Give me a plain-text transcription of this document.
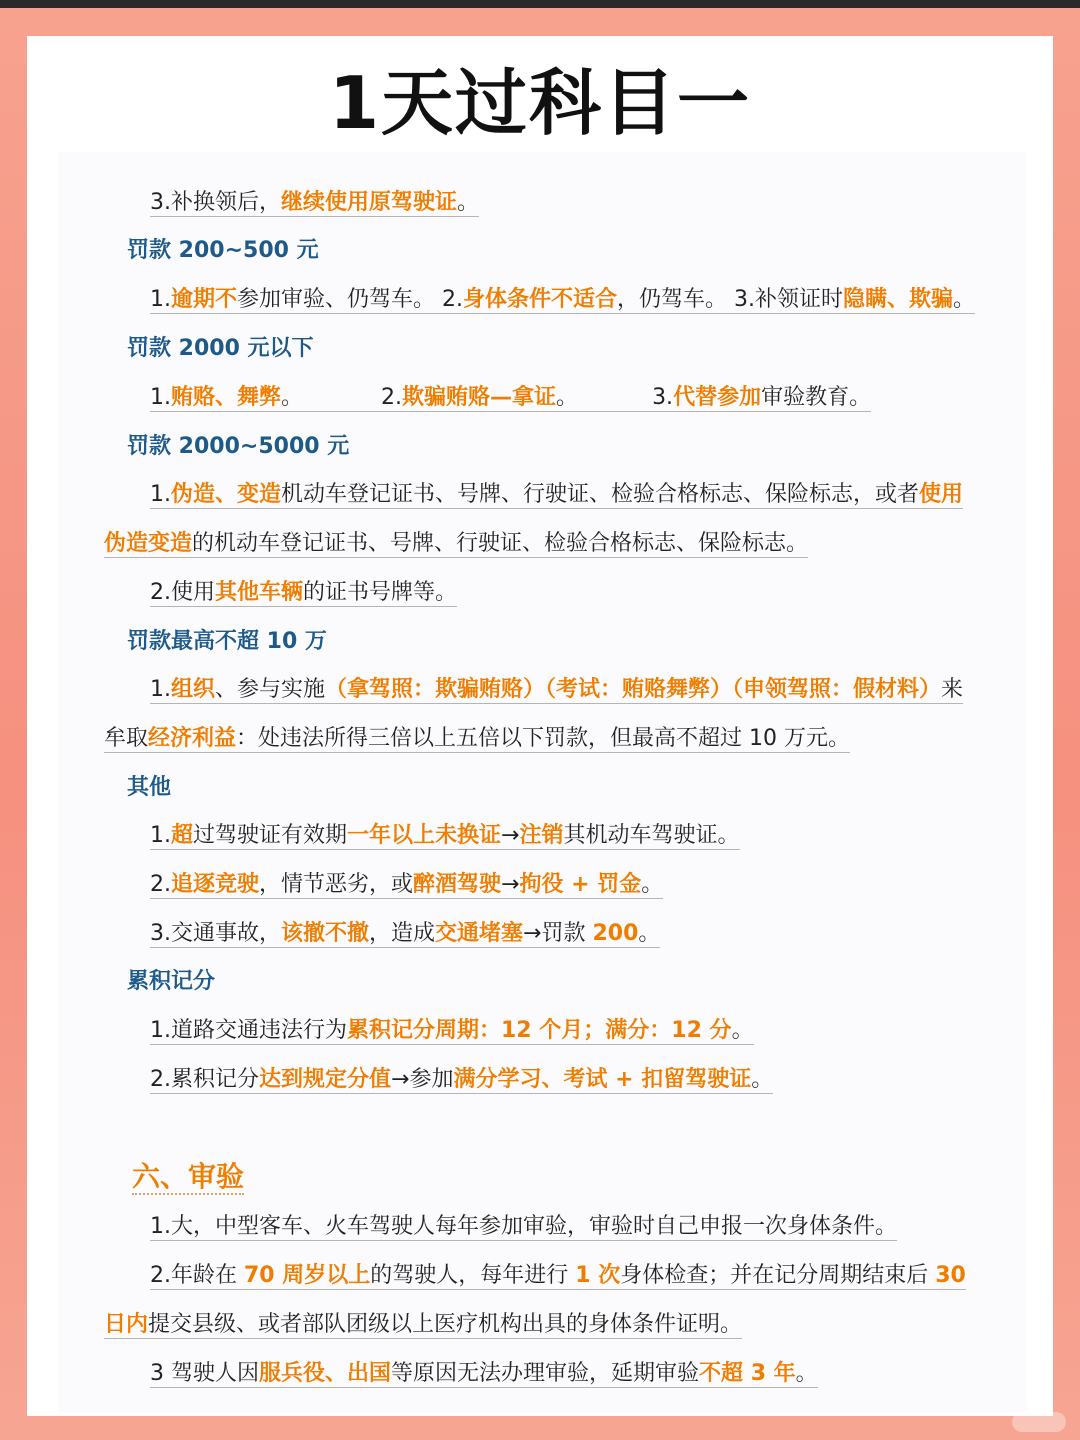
1天过科目一
3.补换领后，继续使用原驾驶证。
罚款 200~500 元
1.逾期不参加审验、仍驾车。 2.身体条件不适合，仍驾车。 3.补领证时隐瞒、欺骗。
罚款 2000 元以下
1.贿赂、舞弊。	2.欺骗贿赂—拿证。	3.代替参加审验教育。
罚款 2000~5000 元
1.伪造、变造机动车登记证书、号牌、行驶证、检验合格标志、保险标志，或者使用
伪造变造的机动车登记证书、号牌、行驶证、检验合格标志、保险标志。
2.使用其他车辆的证书号牌等。
罚款最高不超 10 万
1.组织、参与实施（拿驾照：欺骗贿赂）（考试：贿赂舞弊）（申领驾照：假材料）来
牟取经济利益：处违法所得三倍以上五倍以下罚款，但最高不超过 10 万元。
其他
1.超过驾驶证有效期一年以上未换证→注销其机动车驾驶证。
2.追逐竞驶，情节恶劣，或醉酒驾驶→拘役 + 罚金。
3.交通事故，该撤不撤，造成交通堵塞→罚款 200。
累积记分
1.道路交通违法行为累积记分周期：12 个月；满分：12 分。
2.累积记分达到规定分值→参加满分学习、考试 + 扣留驾驶证。
六、审验
1.大，中型客车、火车驾驶人每年参加审验，审验时自己申报一次身体条件。
2.年龄在 70 周岁以上的驾驶人，每年进行 1 次身体检查；并在记分周期结束后 30
日内提交县级、或者部队团级以上医疗机构出具的身体条件证明。
3 驾驶人因服兵役、出国等原因无法办理审验，延期审验不超 3 年。
